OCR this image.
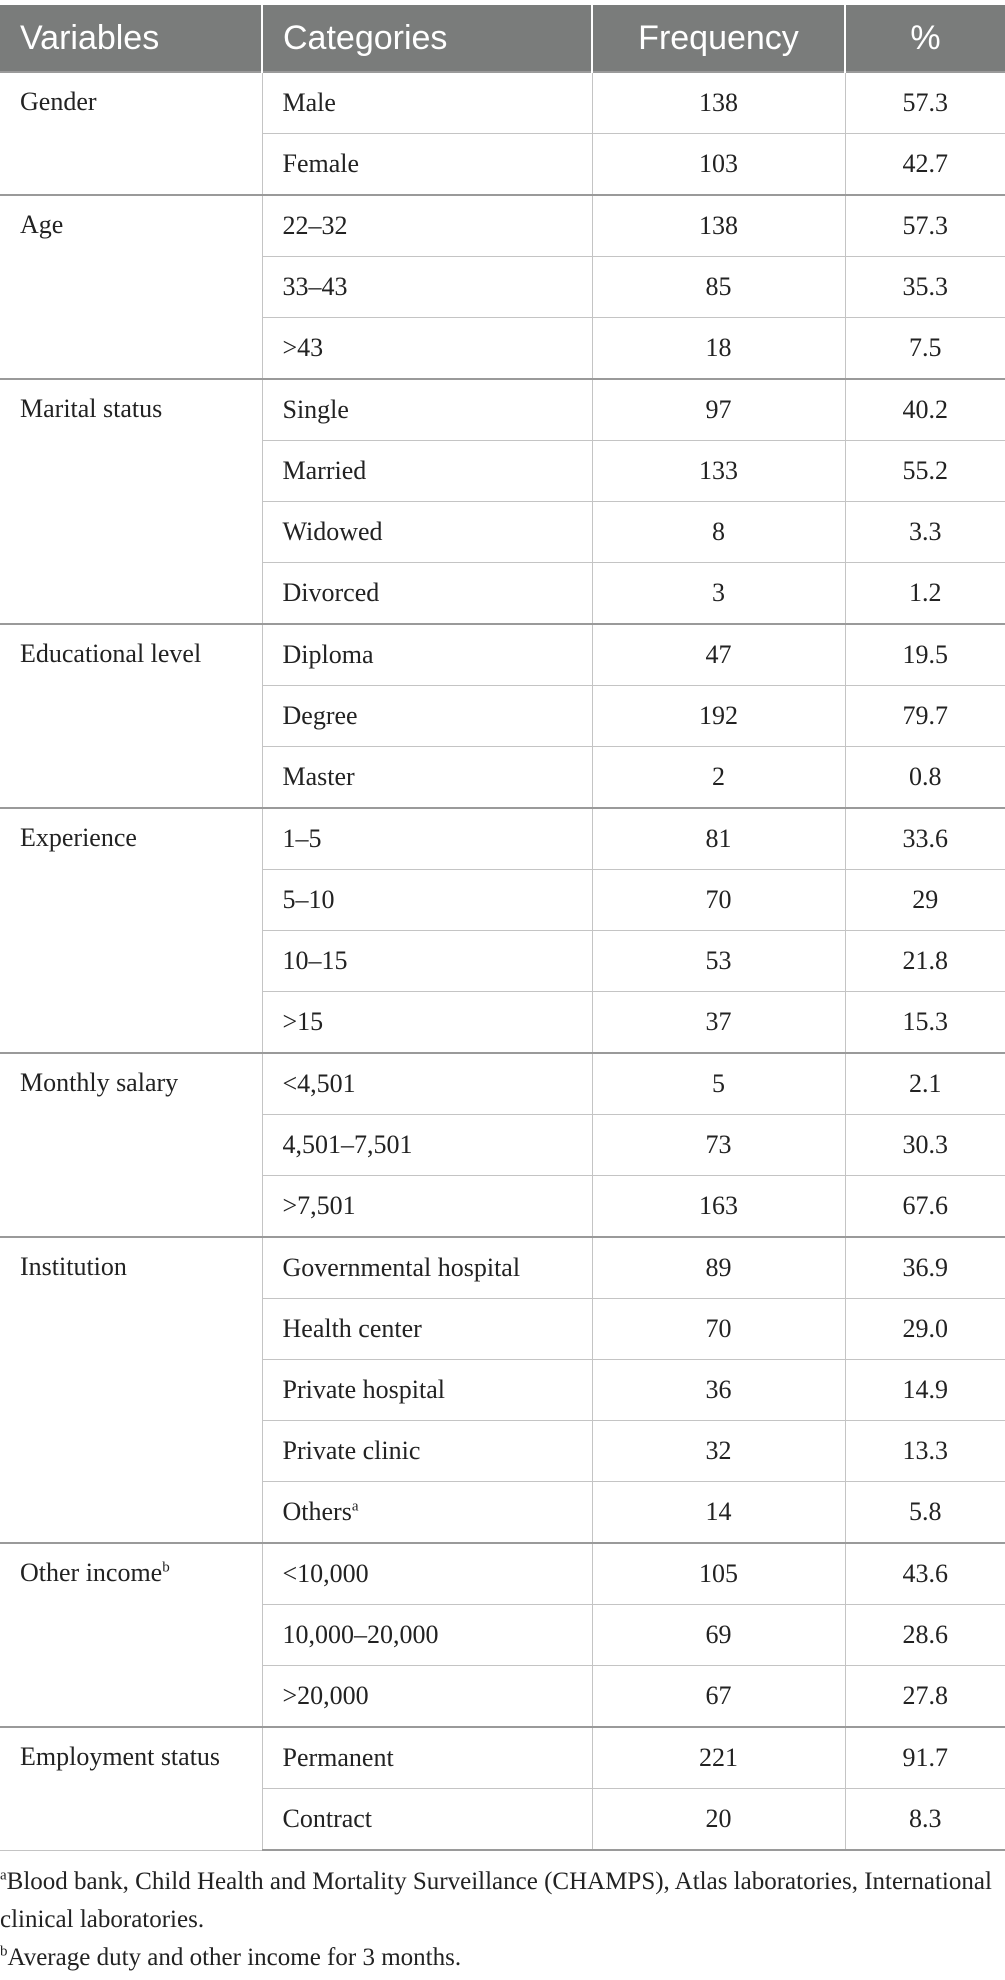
Variables	Categories	Frequency	%
Gender	Male	138	57.3
	Female	103	42.7
Age	22–32	138	57.3
	33–43	85	35.3
	>43	18	7.5
Marital status	Single	97	40.2
	Married	133	55.2
	Widowed	8	3.3
	Divorced	3	1.2
Educational level	Diploma	47	19.5
	Degree	192	79.7
	Master	2	0.8
Experience	1–5	81	33.6
	5–10	70	29
	10–15	53	21.8
	>15	37	15.3
Monthly salary	<4,501	5	2.1
	4,501–7,501	73	30.3
	>7,501	163	67.6
Institution	Governmental hospital	89	36.9
	Health center	70	29.0
	Private hospital	36	14.9
	Private clinic	32	13.3
	Others$^a$	14	5.8
Other income$^b$	<10,000	105	43.6
	10,000–20,000	69	28.6
	>20,000	67	27.8
Employment status	Permanent	221	91.7
	Contract	20	8.3

$^a$Blood bank, Child Health and Mortality Surveillance (CHAMPS), Atlas laboratories, International clinical laboratories.

$^b$Average duty and other income for 3 months.
